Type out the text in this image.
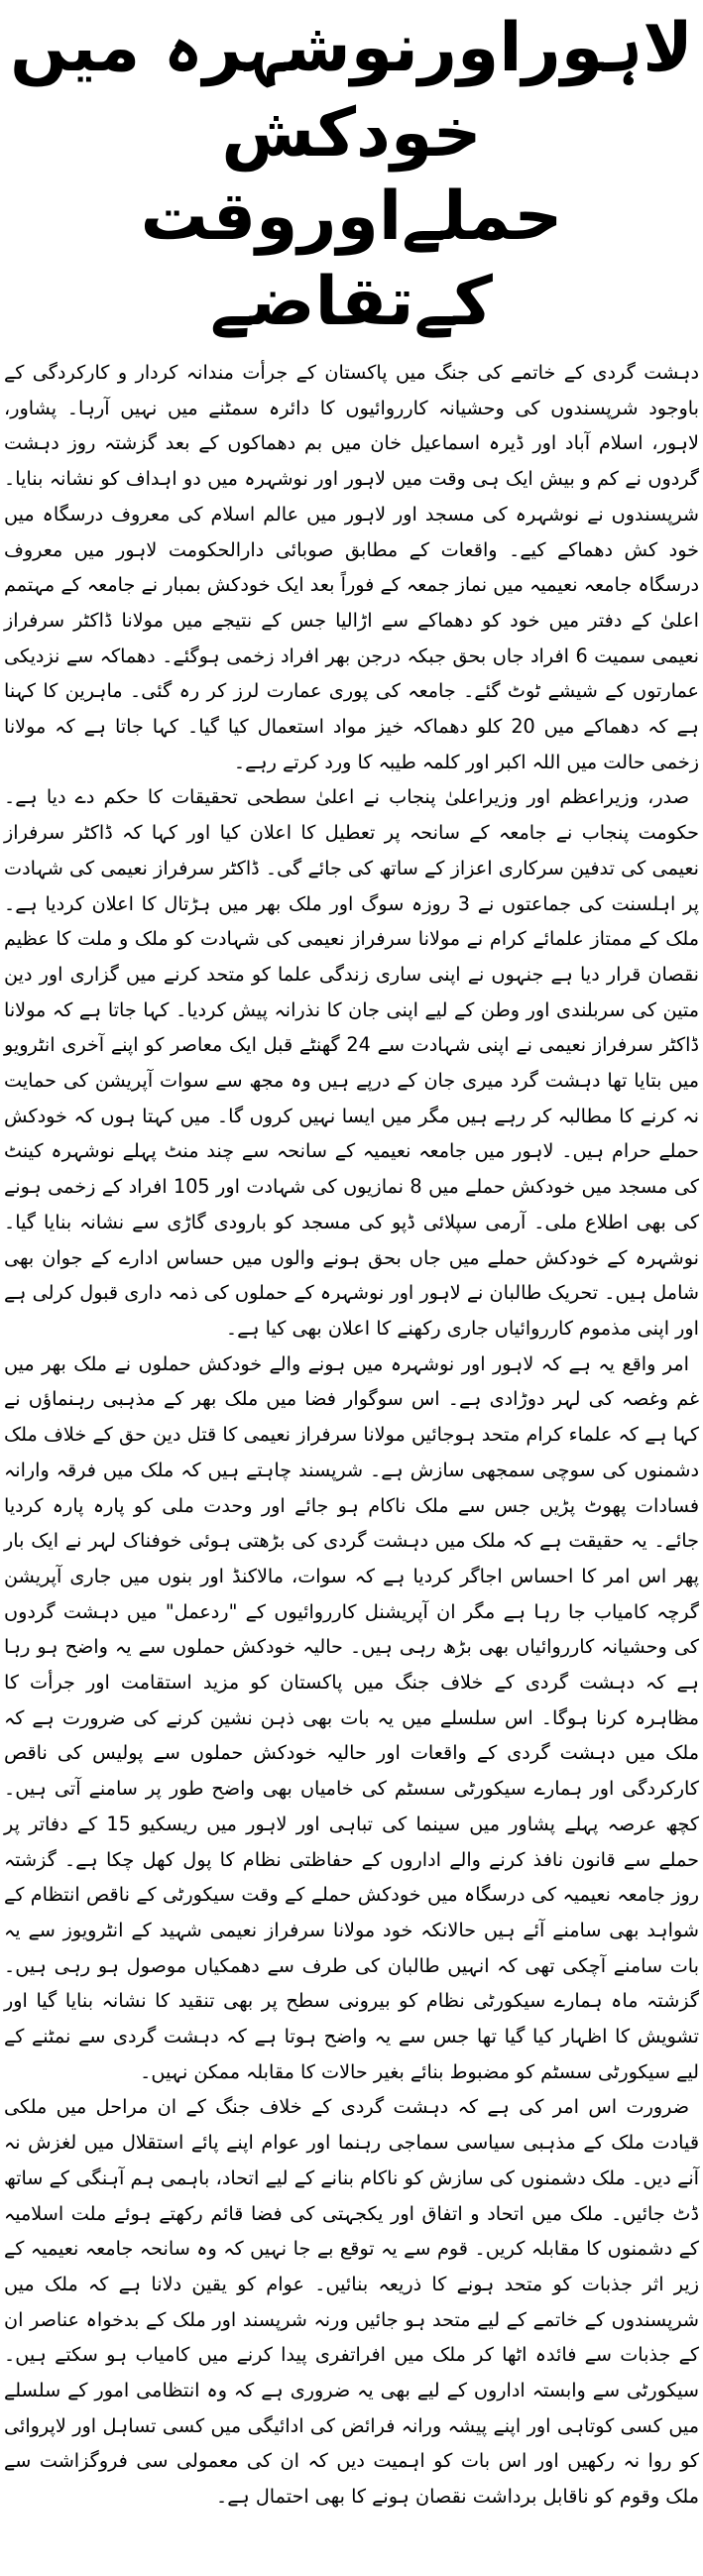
لاہوراورنوشہرہ میں خودکش
حملےاوروقت کےتقاضے

دہشت گردی کے خاتمے کی جنگ میں پاکستان کے جرأت مندانہ کردار و کارکردگی کے باوجود شرپسندوں کی وحشیانہ کارروائیوں کا دائرہ سمٹنے میں نہیں آرہا۔ پشاور، لاہور، اسلام آباد اور ڈیرہ اسماعیل خان میں بم دھماکوں کے بعد گزشتہ روز دہشت گردوں نے کم و بیش ایک ہی وقت میں لاہور اور نوشہرہ میں دو اہداف کو نشانہ بنایا۔ شرپسندوں نے نوشہرہ کی مسجد اور لاہور میں عالم اسلام کی معروف درسگاہ میں خود کش دھماکے کیے۔ واقعات کے مطابق صوبائی دارالحکومت لاہور میں معروف درسگاہ جامعہ نعیمیہ میں نماز جمعہ کے فوراً بعد ایک خودکش بمبار نے جامعہ کے مہتمم اعلیٰ کے دفتر میں خود کو دھماکے سے اڑالیا جس کے نتیجے میں مولانا ڈاکٹر سرفراز نعیمی سمیت 6 افراد جاں بحق جبکہ درجن بھر افراد زخمی ہوگئے۔ دھماکہ سے نزدیکی عمارتوں کے شیشے ٹوٹ گئے۔ جامعہ کی پوری عمارت لرز کر رہ گئی۔ ماہرین کا کہنا ہے کہ دھماکے میں 20 کلو دھماکہ خیز مواد استعمال کیا گیا۔ کہا جاتا ہے کہ مولانا زخمی حالت میں اللہ اکبر اور کلمہ طیبہ کا ورد کرتے رہے۔

صدر، وزیراعظم اور وزیراعلیٰ پنجاب نے اعلیٰ سطحی تحقیقات کا حکم دے دیا ہے۔ حکومت پنجاب نے جامعہ کے سانحہ پر تعطیل کا اعلان کیا اور کہا کہ ڈاکٹر سرفراز نعیمی کی تدفین سرکاری اعزاز کے ساتھ کی جائے گی۔ ڈاکٹر سرفراز نعیمی کی شہادت پر اہلسنت کی جماعتوں نے 3 روزہ سوگ اور ملک بھر میں ہڑتال کا اعلان کردیا ہے۔ ملک کے ممتاز علمائے کرام نے مولانا سرفراز نعیمی کی شہادت کو ملک و ملت کا عظیم نقصان قرار دیا ہے جنہوں نے اپنی ساری زندگی علما کو متحد کرنے میں گزاری اور دین متین کی سربلندی اور وطن کے لیے اپنی جان کا نذرانہ پیش کردیا۔ کہا جاتا ہے کہ مولانا ڈاکٹر سرفراز نعیمی نے اپنی شہادت سے 24 گھنٹے قبل ایک معاصر کو اپنے آخری انٹرویو میں بتایا تھا دہشت گرد میری جان کے درپے ہیں وہ مجھ سے سوات آپریشن کی حمایت نہ کرنے کا مطالبہ کر رہے ہیں مگر میں ایسا نہیں کروں گا۔ میں کہتا ہوں کہ خودکش حملے حرام ہیں۔ لاہور میں جامعہ نعیمیہ کے سانحہ سے چند منٹ پہلے نوشہرہ کینٹ کی مسجد میں خودکش حملے میں 8 نمازیوں کی شہادت اور 105 افراد کے زخمی ہونے کی بھی اطلاع ملی۔ آرمی سپلائی ڈپو کی مسجد کو بارودی گاڑی سے نشانہ بنایا گیا۔ نوشہرہ کے خودکش حملے میں جاں بحق ہونے والوں میں حساس ادارے کے جوان بھی شامل ہیں۔ تحریک طالبان نے لاہور اور نوشہرہ کے حملوں کی ذمہ داری قبول کرلی ہے اور اپنی مذموم کارروائیاں جاری رکھنے کا اعلان بھی کیا ہے۔

امر واقع یہ ہے کہ لاہور اور نوشہرہ میں ہونے والے خودکش حملوں نے ملک بھر میں غم وغصہ کی لہر دوڑادی ہے۔ اس سوگوار فضا میں ملک بھر کے مذہبی رہنماؤں نے کہا ہے کہ علماء کرام متحد ہوجائیں مولانا سرفراز نعیمی کا قتل دین حق کے خلاف ملک دشمنوں کی سوچی سمجھی سازش ہے۔ شرپسند چاہتے ہیں کہ ملک میں فرقہ وارانہ فسادات پھوٹ پڑیں جس سے ملک ناکام ہو جائے اور وحدت ملی کو پارہ پارہ کردیا جائے۔ یہ حقیقت ہے کہ ملک میں دہشت گردی کی بڑھتی ہوئی خوفناک لہر نے ایک بار پھر اس امر کا احساس اجاگر کردیا ہے کہ سوات، مالاکنڈ اور بنوں میں جاری آپریشن گرچہ کامیاب جا رہا ہے مگر ان آپریشنل کارروائیوں کے "ردعمل" میں دہشت گردوں کی وحشیانہ کارروائیاں بھی بڑھ رہی ہیں۔ حالیہ خودکش حملوں سے یہ واضح ہو رہا ہے کہ دہشت گردی کے خلاف جنگ میں پاکستان کو مزید استقامت اور جرأت کا مظاہرہ کرنا ہوگا۔ اس سلسلے میں یہ بات بھی ذہن نشین کرنے کی ضرورت ہے کہ ملک میں دہشت گردی کے واقعات اور حالیہ خودکش حملوں سے پولیس کی ناقص کارکردگی اور ہمارے سیکورٹی سسٹم کی خامیاں بھی واضح طور پر سامنے آتی ہیں۔ کچھ عرصہ پہلے پشاور میں سینما کی تباہی اور لاہور میں ریسکیو 15 کے دفاتر پر حملے سے قانون نافذ کرنے والے اداروں کے حفاظتی نظام کا پول کھل چکا ہے۔ گزشتہ روز جامعہ نعیمیہ کی درسگاہ میں خودکش حملے کے وقت سیکورٹی کے ناقص انتظام کے شواہد بھی سامنے آئے ہیں حالانکہ خود مولانا سرفراز نعیمی شہید کے انٹرویوز سے یہ بات سامنے آچکی تھی کہ انہیں طالبان کی طرف سے دھمکیاں موصول ہو رہی ہیں۔ گزشتہ ماہ ہمارے سیکورٹی نظام کو بیرونی سطح پر بھی تنقید کا نشانہ بنایا گیا اور تشویش کا اظہار کیا گیا تھا جس سے یہ واضح ہوتا ہے کہ دہشت گردی سے نمٹنے کے لیے سیکورٹی سسٹم کو مضبوط بنائے بغیر حالات کا مقابلہ ممکن نہیں۔

ضرورت اس امر کی ہے کہ دہشت گردی کے خلاف جنگ کے ان مراحل میں ملکی قیادت ملک کے مذہبی سیاسی سماجی رہنما اور عوام اپنے پائے استقلال میں لغزش نہ آنے دیں۔ ملک دشمنوں کی سازش کو ناکام بنانے کے لیے اتحاد، باہمی ہم آہنگی کے ساتھ ڈٹ جائیں۔ ملک میں اتحاد و اتفاق اور یکجہتی کی فضا قائم رکھتے ہوئے ملت اسلامیہ کے دشمنوں کا مقابلہ کریں۔ قوم سے یہ توقع بے جا نہیں کہ وہ سانحہ جامعہ نعیمیہ کے زیر اثر جذبات کو متحد ہونے کا ذریعہ بنائیں۔ عوام کو یقین دلانا ہے کہ ملک میں شرپسندوں کے خاتمے کے لیے متحد ہو جائیں ورنہ شرپسند اور ملک کے بدخواہ عناصر ان کے جذبات سے فائدہ اٹھا کر ملک میں افراتفری پیدا کرنے میں کامیاب ہو سکتے ہیں۔ سیکورٹی سے وابستہ اداروں کے لیے بھی یہ ضروری ہے کہ وہ انتظامی امور کے سلسلے میں کسی کوتاہی اور اپنے پیشہ ورانہ فرائض کی ادائیگی میں کسی تساہل اور لاپروائی کو روا نہ رکھیں اور اس بات کو اہمیت دیں کہ ان کی معمولی سی فروگزاشت سے ملک وقوم کو ناقابل برداشت نقصان ہونے کا بھی احتمال ہے۔
